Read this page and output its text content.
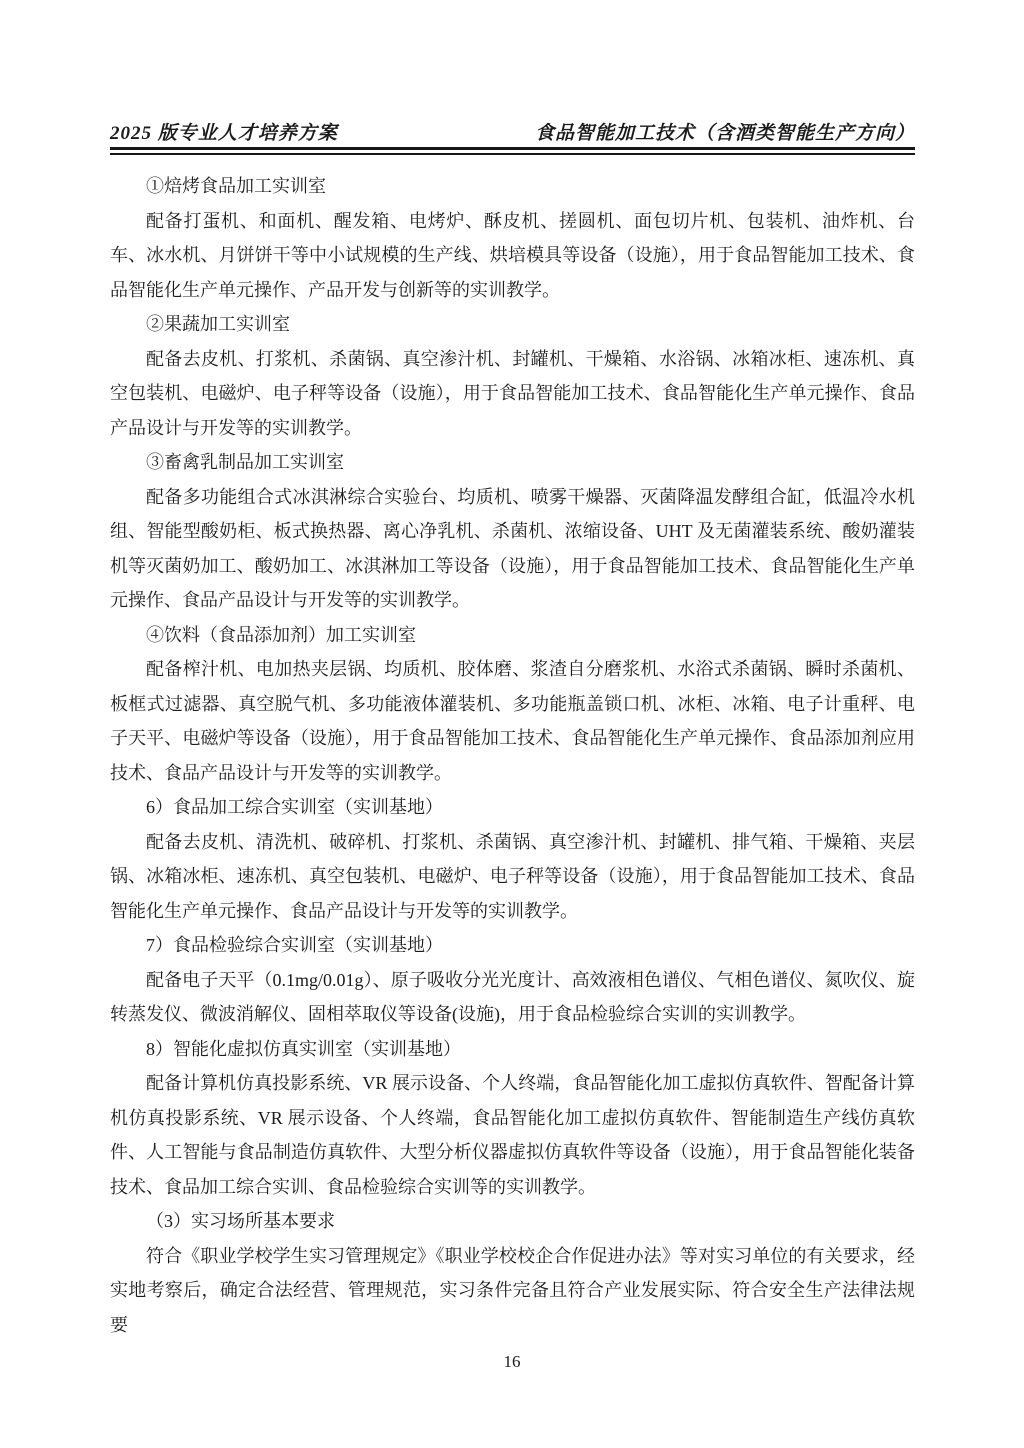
2025 版专业人才培养方案	食品智能加工技术（含酒类智能生产方向）

①焙烤食品加工实训室

配备打蛋机、和面机、醒发箱、电烤炉、酥皮机、搓圆机、面包切片机、包装机、油炸机、台车、冰水机、月饼饼干等中小试规模的生产线、烘培模具等设备（设施），用于食品智能加工技术、食品智能化生产单元操作、产品开发与创新等的实训教学。

②果蔬加工实训室

配备去皮机、打浆机、杀菌锅、真空渗汁机、封罐机、干燥箱、水浴锅、冰箱冰柜、速冻机、真空包装机、电磁炉、电子秤等设备（设施），用于食品智能加工技术、食品智能化生产单元操作、食品产品设计与开发等的实训教学。

③畜禽乳制品加工实训室

配备多功能组合式冰淇淋综合实验台、均质机、喷雾干燥器、灭菌降温发酵组合缸，低温冷水机组、智能型酸奶柜、板式换热器、离心净乳机、杀菌机、浓缩设备、UHT 及无菌灌装系统、酸奶灌装机等灭菌奶加工、酸奶加工、冰淇淋加工等设备（设施），用于食品智能加工技术、食品智能化生产单元操作、食品产品设计与开发等的实训教学。

④饮料（食品添加剂）加工实训室

配备榨汁机、电加热夹层锅、均质机、胶体磨、浆渣自分磨浆机、水浴式杀菌锅、瞬时杀菌机、板框式过滤器、真空脱气机、多功能液体灌装机、多功能瓶盖锁口机、冰柜、冰箱、电子计重秤、电子天平、电磁炉等设备（设施），用于食品智能加工技术、食品智能化生产单元操作、食品添加剂应用技术、食品产品设计与开发等的实训教学。

6）食品加工综合实训室（实训基地）

配备去皮机、清洗机、破碎机、打浆机、杀菌锅、真空渗汁机、封罐机、排气箱、干燥箱、夹层锅、冰箱冰柜、速冻机、真空包装机、电磁炉、电子秤等设备（设施），用于食品智能加工技术、食品智能化生产单元操作、食品产品设计与开发等的实训教学。

7）食品检验综合实训室（实训基地）

配备电子天平（0.1mg/0.01g）、原子吸收分光光度计、高效液相色谱仪、气相色谱仪、氮吹仪、旋转蒸发仪、微波消解仪、固相萃取仪等设备(设施)，用于食品检验综合实训的实训教学。

8）智能化虚拟仿真实训室（实训基地）

配备计算机仿真投影系统、VR 展示设备、个人终端，食品智能化加工虚拟仿真软件、智配备计算机仿真投影系统、VR 展示设备、个人终端，食品智能化加工虚拟仿真软件、智能制造生产线仿真软件、人工智能与食品制造仿真软件、大型分析仪器虚拟仿真软件等设备（设施），用于食品智能化装备技术、食品加工综合实训、食品检验综合实训等的实训教学。

（3）实习场所基本要求

符合《职业学校学生实习管理规定》《职业学校校企合作促进办法》等对实习单位的有关要求，经实地考察后，确定合法经营、管理规范，实习条件完备且符合产业发展实际、符合安全生产法律法规要

16
